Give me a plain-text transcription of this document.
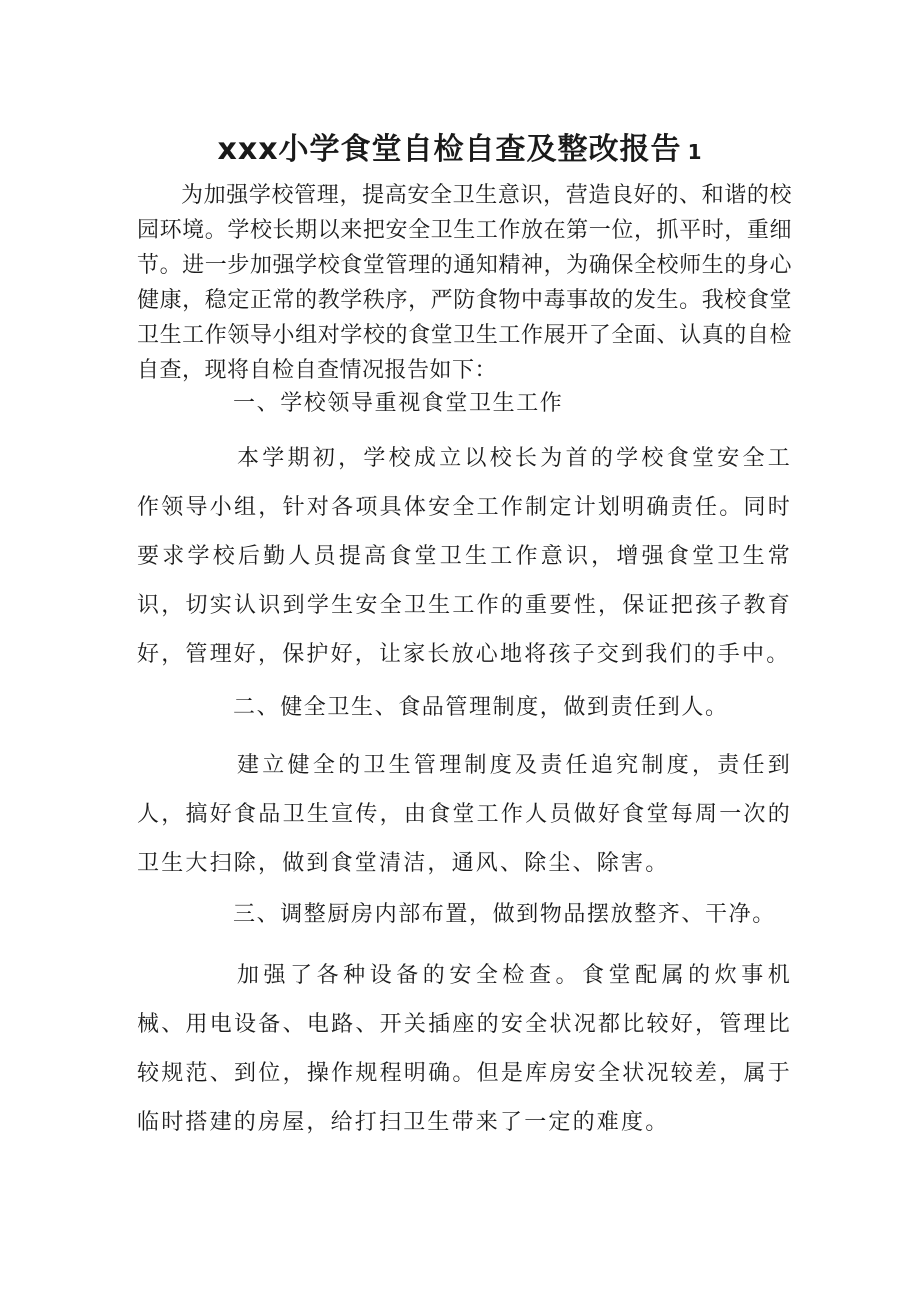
xxx小学食堂自检自查及整改报告 1

为加强学校管理，提高安全卫生意识，营造良好的、和谐的校园环境。学校长期以来把安全卫生工作放在第一位，抓平时，重细节。进一步加强学校食堂管理的通知精神，为确保全校师生的身心健康，稳定正常的教学秩序，严防食物中毒事故的发生。我校食堂卫生工作领导小组对学校的食堂卫生工作展开了全面、认真的自检自查，现将自检自查情况报告如下：

一、学校领导重视食堂卫生工作

本学期初，学校成立以校长为首的学校食堂安全工作领导小组，针对各项具体安全工作制定计划明确责任。同时要求学校后勤人员提高食堂卫生工作意识，增强食堂卫生常识，切实认识到学生安全卫生工作的重要性，保证把孩子教育好，管理好，保护好，让家长放心地将孩子交到我们的手中。

二、健全卫生、食品管理制度，做到责任到人。

建立健全的卫生管理制度及责任追究制度，责任到人，搞好食品卫生宣传，由食堂工作人员做好食堂每周一次的卫生大扫除，做到食堂清洁，通风、除尘、除害。

三、调整厨房内部布置，做到物品摆放整齐、干净。

加强了各种设备的安全检查。食堂配属的炊事机械、用电设备、电路、开关插座的安全状况都比较好，管理比较规范、到位，操作规程明确。但是库房安全状况较差，属于临时搭建的房屋，给打扫卫生带来了一定的难度。
